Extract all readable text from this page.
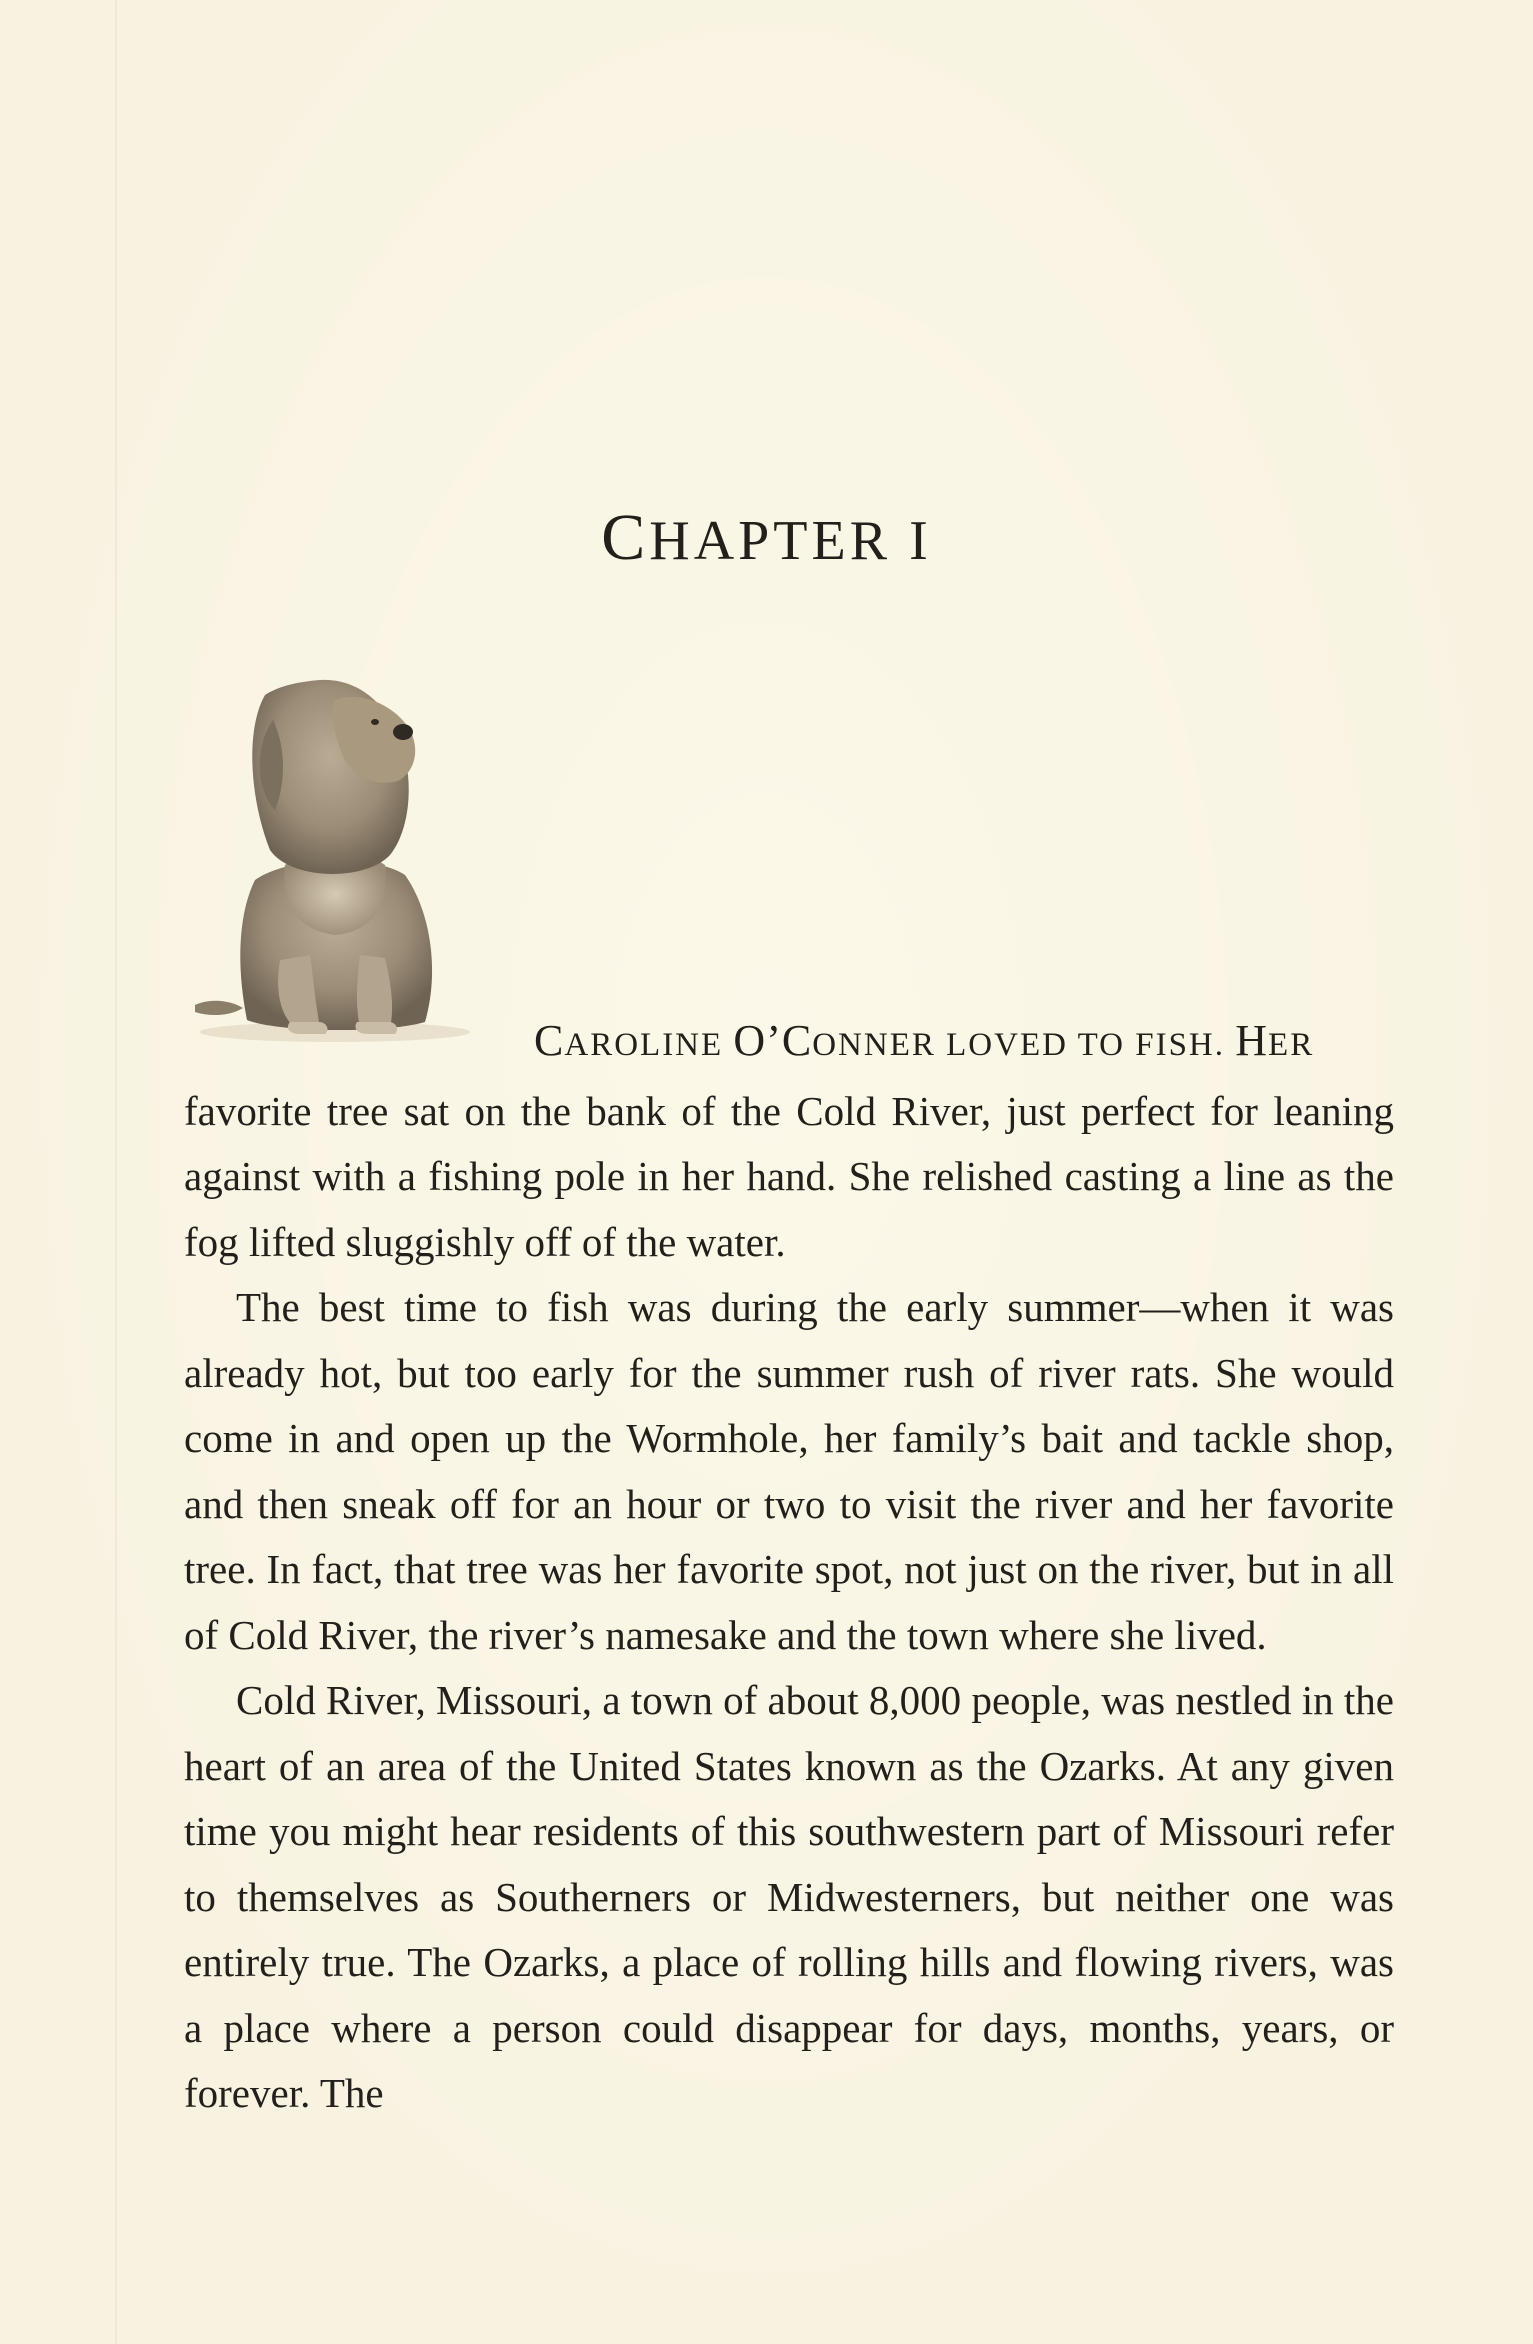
CHAPTER I

CAROLINE O’CONNER LOVED TO FISH. HER favorite tree sat on the bank of the Cold River, just perfect for leaning against with a fishing pole in her hand. She relished casting a line as the fog lifted sluggishly off of the water.

The best time to fish was during the early summer—when it was already hot, but too early for the summer rush of river rats. She would come in and open up the Wormhole, her family’s bait and tackle shop, and then sneak off for an hour or two to visit the river and her favorite tree. In fact, that tree was her favorite spot, not just on the river, but in all of Cold River, the river’s namesake and the town where she lived.

Cold River, Missouri, a town of about 8,000 people, was nestled in the heart of an area of the United States known as the Ozarks. At any given time you might hear residents of this southwestern part of Missouri refer to themselves as Southerners or Midwesterners, but neither one was entirely true. The Ozarks, a place of rolling hills and flowing rivers, was a place where a person could disappear for days, months, years, or forever. The
